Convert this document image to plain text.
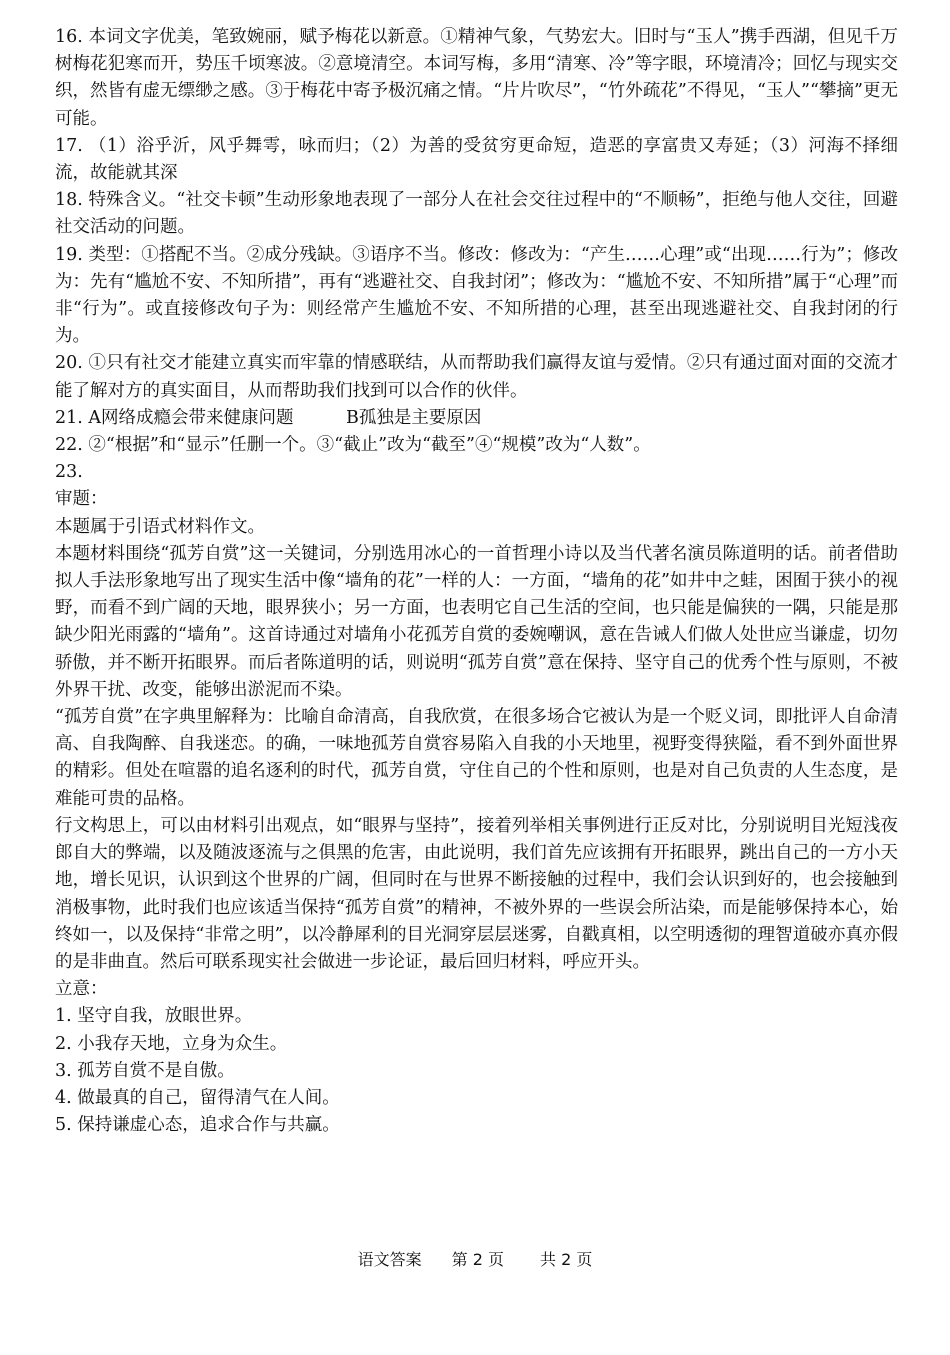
16. 本词文字优美，笔致婉丽，赋予梅花以新意。①精神气象，气势宏大。旧时与“玉人”携手西湖，但见千万树梅花犯寒而开，势压千顷寒波。②意境清空。本词写梅，多用“清寒、冷”等字眼，环境清冷；回忆与现实交织，然皆有虚无缥缈之感。③于梅花中寄予极沉痛之情。“片片吹尽”，“竹外疏花”不得见，“玉人”“攀摘”更无可能。

17. （1）浴乎沂，风乎舞雩，咏而归；（2）为善的受贫穷更命短，造恶的享富贵又寿延；（3）河海不择细流，故能就其深

18. 特殊含义。“社交卡顿”生动形象地表现了一部分人在社会交往过程中的“不顺畅”，拒绝与他人交往，回避社交活动的问题。

19. 类型：①搭配不当。②成分残缺。③语序不当。修改：修改为：“产生……心理”或“出现……行为”；修改为：先有“尴尬不安、不知所措”，再有“逃避社交、自我封闭”；修改为：“尴尬不安、不知所措”属于“心理”而非“行为”。或直接修改句子为：则经常产生尴尬不安、不知所措的心理，甚至出现逃避社交、自我封闭的行为。

20. ①只有社交才能建立真实而牢靠的情感联结，从而帮助我们赢得友谊与爱情。②只有通过面对面的交流才能了解对方的真实面目，从而帮助我们找到可以合作的伙伴。

21. A网络成瘾会带来健康问题　　　B孤独是主要原因

22. ②“根据”和“显示”任删一个。③“截止”改为“截至”④“规模”改为“人数”。

23.

审题：

本题属于引语式材料作文。

本题材料围绕“孤芳自赏”这一关键词，分别选用冰心的一首哲理小诗以及当代著名演员陈道明的话。前者借助拟人手法形象地写出了现实生活中像“墙角的花”一样的人：一方面，“墙角的花”如井中之蛙，困囿于狭小的视野，而看不到广阔的天地，眼界狭小；另一方面，也表明它自己生活的空间，也只能是偏狭的一隅，只能是那缺少阳光雨露的“墙角”。这首诗通过对墙角小花孤芳自赏的委婉嘲讽，意在告诫人们做人处世应当谦虚，切勿骄傲，并不断开拓眼界。而后者陈道明的话，则说明“孤芳自赏”意在保持、坚守自己的优秀个性与原则，不被外界干扰、改变，能够出淤泥而不染。

“孤芳自赏”在字典里解释为：比喻自命清高，自我欣赏，在很多场合它被认为是一个贬义词，即批评人自命清高、自我陶醉、自我迷恋。的确，一味地孤芳自赏容易陷入自我的小天地里，视野变得狭隘，看不到外面世界的精彩。但处在喧嚣的追名逐利的时代，孤芳自赏，守住自己的个性和原则，也是对自己负责的人生态度，是难能可贵的品格。

行文构思上，可以由材料引出观点，如“眼界与坚持”，接着列举相关事例进行正反对比，分别说明目光短浅夜郎自大的弊端，以及随波逐流与之俱黑的危害，由此说明，我们首先应该拥有开拓眼界，跳出自己的一方小天地，增长见识，认识到这个世界的广阔，但同时在与世界不断接触的过程中，我们会认识到好的，也会接触到消极事物，此时我们也应该适当保持“孤芳自赏”的精神，不被外界的一些误会所沾染，而是能够保持本心，始终如一，以及保持“非常之明”，以冷静犀利的目光洞穿层层迷雾，自戳真相，以空明透彻的理智道破亦真亦假的是非曲直。然后可联系现实社会做进一步论证，最后回归材料，呼应开头。

立意：

1. 坚守自我，放眼世界。

2. 小我存天地，立身为众生。

3. 孤芳自赏不是自傲。

4. 做最真的自己，留得清气在人间。

5. 保持谦虚心态，追求合作与共赢。

语文答案 第 2 页 共 2 页
